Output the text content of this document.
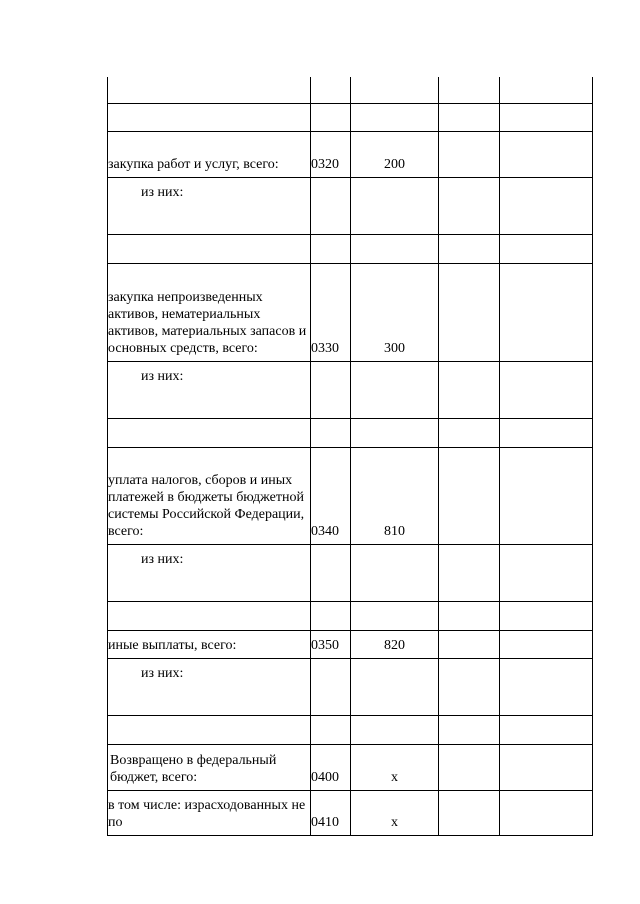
закупка работ и услуг, всего:	0320	200		

из них:				

закупка непроизведенных активов, нематериальных активов, материальных запасов и основных средств, всего:	0330	300		

из них:				

уплата налогов, сборов и иных платежей в бюджеты бюджетной системы Российской Федерации, всего:	0340	810		

из них:				

иные выплаты, всего:	0350	820		

из них:				

Возвращено в федеральный бюджет, всего:	0400	x		

в том числе: израсходованных не по	0410	x		
